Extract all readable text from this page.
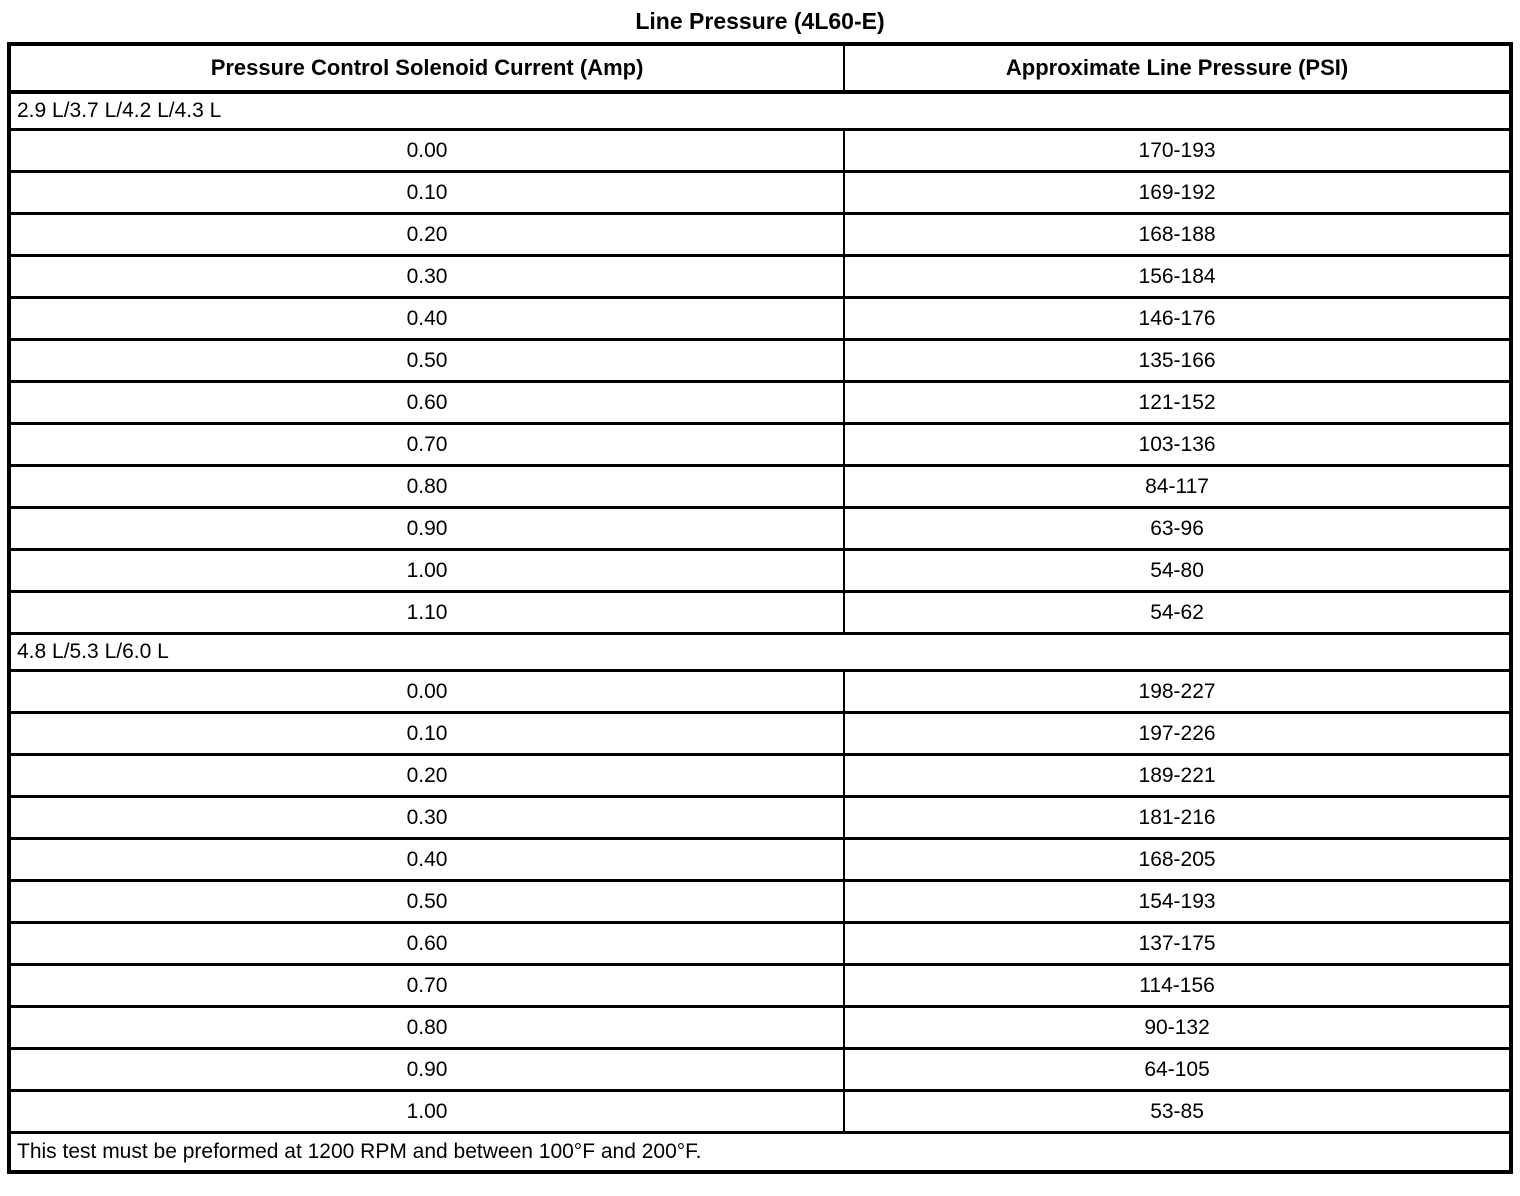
Line Pressure (4L60-E)
Pressure Control Solenoid Current (Amp)	Approximate Line Pressure (PSI)
2.9 L/3.7 L/4.2 L/4.3 L	
0.00	170-193
0.10	169-192
0.20	168-188
0.30	156-184
0.40	146-176
0.50	135-166
0.60	121-152
0.70	103-136
0.80	84-117
0.90	63-96
1.00	54-80
1.10	54-62
4.8 L/5.3 L/6.0 L	
0.00	198-227
0.10	197-226
0.20	189-221
0.30	181-216
0.40	168-205
0.50	154-193
0.60	137-175
0.70	114-156
0.80	90-132
0.90	64-105
1.00	53-85
This test must be preformed at 1200 RPM and between 100°F and 200°F.	
